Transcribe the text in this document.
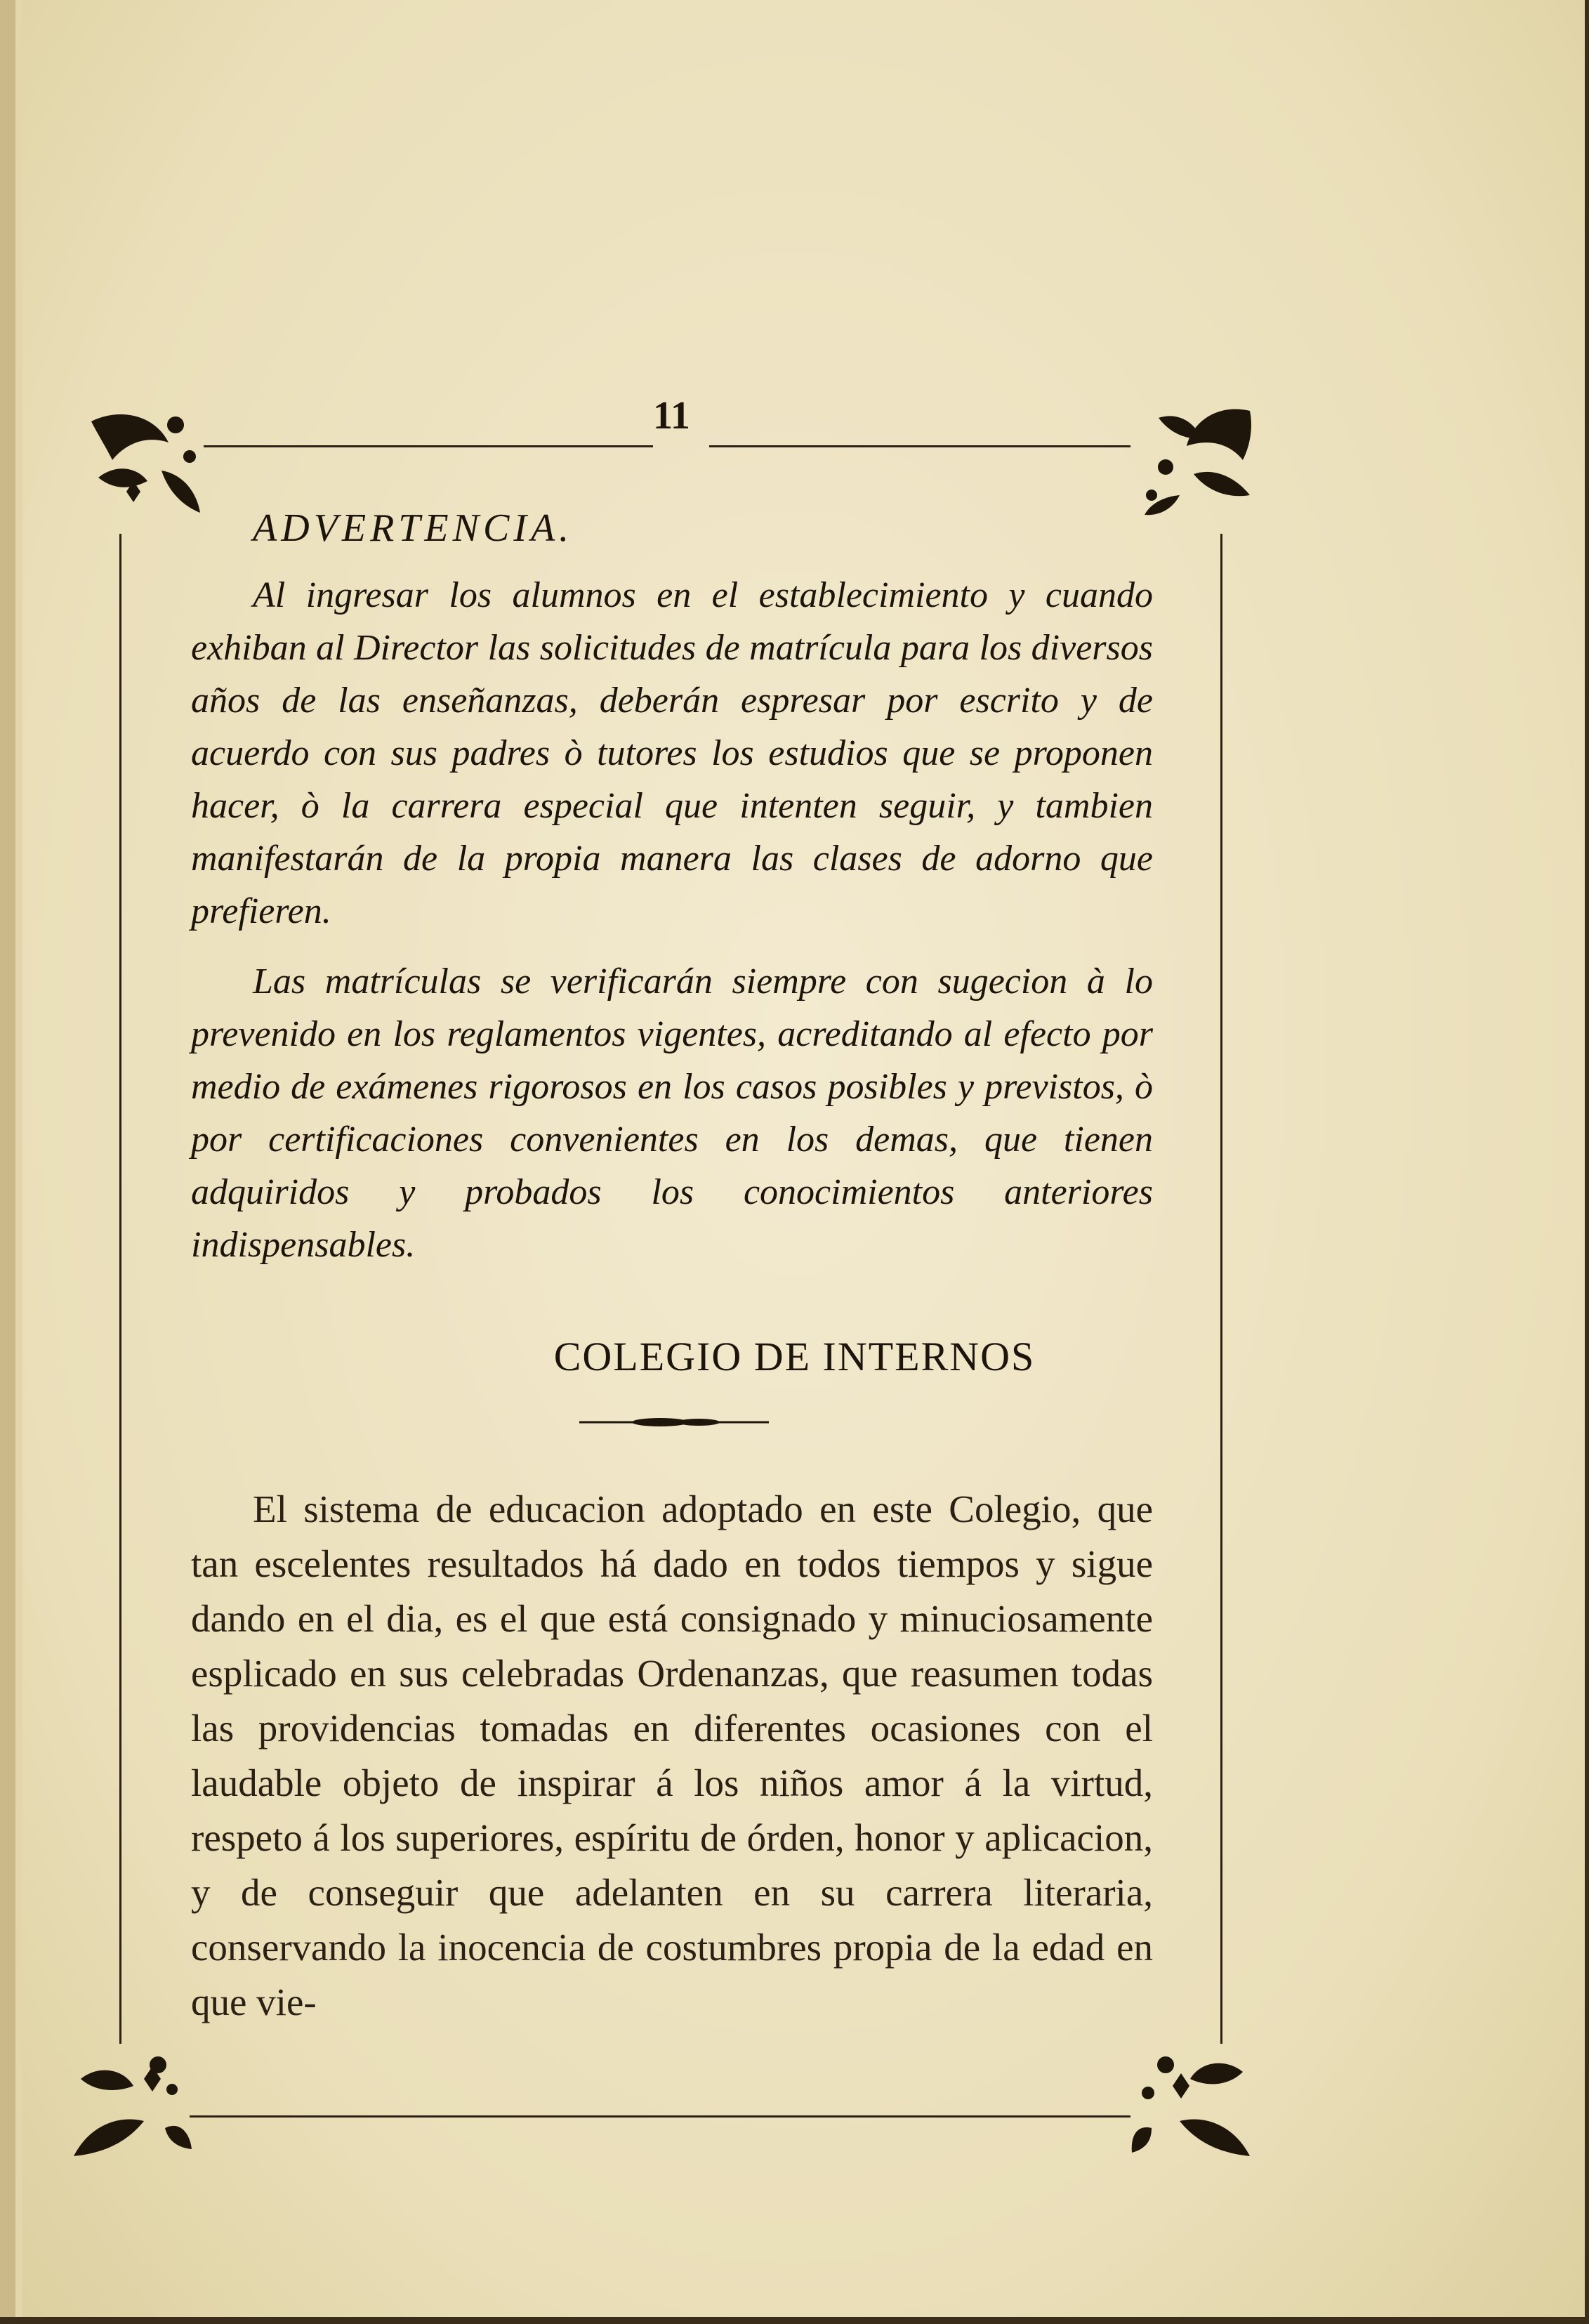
11
ADVERTENCIA.

Al ingresar los alumnos en el establecimiento y cuando exhiban al Director las solicitudes de matrícula para los diversos años de las enseñanzas, deberán espresar por escrito y de acuerdo con sus padres ò tutores los estudios que se proponen hacer, ò la carrera especial que intenten seguir, y tambien manifestarán de la propia manera las clases de adorno que prefieren.

Las matrículas se verificarán siempre con sugecion à lo prevenido en los reglamentos vigentes, acreditando al efecto por medio de exámenes rigorosos en los casos posibles y previstos, ò por certificaciones convenientes en los demas, que tienen adquiridos y probados los conocimientos anteriores indispensables.

COLEGIO DE INTERNOS

El sistema de educacion adoptado en este Colegio, que tan escelentes resultados há dado en todos tiempos y sigue dando en el dia, es el que está consignado y minuciosamente esplicado en sus celebradas Ordenanzas, que reasumen todas las providencias tomadas en diferentes ocasiones con el laudable objeto de inspirar á los niños amor á la virtud, respeto á los superiores, espíritu de órden, honor y aplicacion, y de conseguir que adelanten en su carrera literaria, conservando la inocencia de costumbres propia de la edad en que vie-
